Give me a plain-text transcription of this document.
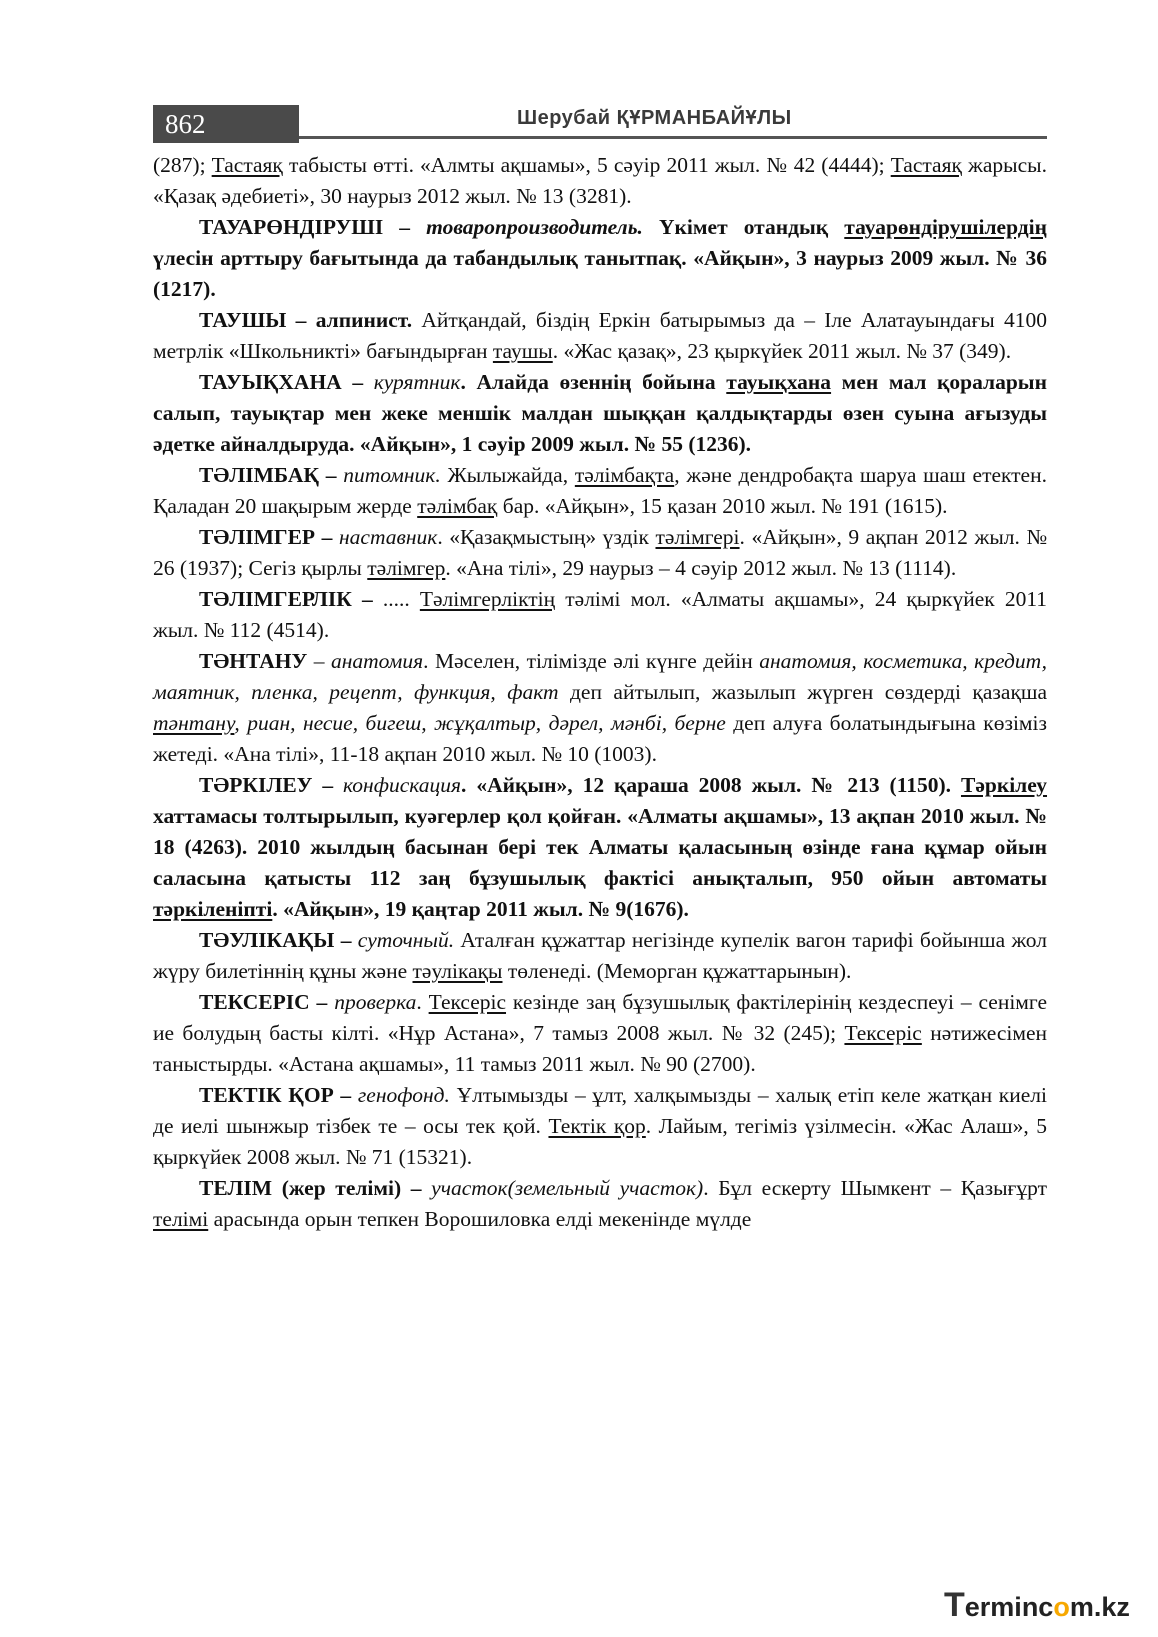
862	Шерубай ҚҰРМАНБАЙҰЛЫ

(287); Тастаяқ табысты өтті. «Алмты ақшамы», 5 сәуір 2011 жыл. № 42 (4444); Тастаяқ жарысы. «Қазақ әдебиеті», 30 наурыз 2012 жыл. № 13 (3281).

ТАУАРӨНДІРУШІ – товаропроизводитель. Үкімет отандық тауарөндірушілердің үлесін арттыру бағытында да табандылық танытпақ. «Айқын», 3 наурыз 2009 жыл. № 36 (1217).

ТАУШЫ – алпинист. Айтқандай, біздің Еркін батырымыз да – Іле Алатауындағы 4100 метрлік «Школьникті» бағындырған таушы. «Жас қазақ», 23 қыркүйек 2011 жыл. № 37 (349).

ТАУЫҚХАНА – курятник. Алайда өзеннің бойына тауықхана мен мал қораларын салып, тауықтар мен жеке меншік малдан шыққан қалдықтарды өзен суына ағызуды әдетке айналдыруда. «Айқын», 1 сәуір 2009 жыл. № 55 (1236).

ТӘЛІМБАҚ – питомник. Жылыжайда, тәлімбақта, және дендробақта шаруа шаш етектен. Қаладан 20 шақырым жерде тәлімбақ бар. «Айқын», 15 қазан 2010 жыл. № 191 (1615).

ТӘЛІМГЕР – наставник. «Қазақмыстың» үздік тәлімгері. «Айқын», 9 ақпан 2012 жыл. № 26 (1937); Сегіз қырлы тәлімгер. «Ана тілі», 29 наурыз – 4 сәуір 2012 жыл. № 13 (1114).

ТӘЛІМГЕРЛІК – ..... Тәлімгерліктің тәлімі мол. «Алматы ақшамы», 24 қыркүйек 2011 жыл. № 112 (4514).

ТӘНТАНУ – анатомия. Мәселен, тілімізде әлі күнге дейін анатомия, косметика, кредит, маятник, пленка, рецепт, функция, факт деп айтылып, жазылып жүрген сөздерді қазақша тәнтану, риан, несие, бигеш, жұқалтыр, дәрел, мәнбі, берне деп алуға болатындығына көзіміз жетеді. «Ана тілі», 11-18 ақпан 2010 жыл. № 10 (1003).

ТӘРКІЛЕУ – конфискация. «Айқын», 12 қараша 2008 жыл. № 213 (1150). Тәркілеу хаттамасы толтырылып, куәгерлер қол қойған. «Алматы ақшамы», 13 ақпан 2010 жыл. № 18 (4263). 2010 жылдың басынан бері тек Алматы қаласының өзінде ғана құмар ойын саласына қатысты 112 заң бұзушылық фактісі анықталып, 950 ойын автоматы тәркіленіпті. «Айқын», 19 қаңтар 2011 жыл. № 9(1676).

ТӘУЛІКАҚЫ – суточный. Аталған құжаттар негізінде купелік вагон тарифі бойынша жол жүру билетіннің құны және тәулікақы төленеді. (Меморган құжаттарынын).

ТЕКСЕРІС – проверка. Тексеріс кезінде заң бұзушылық фактілерінің кездеспеуі – сенімге ие болудың басты кілті. «Нұр Астана», 7 тамыз 2008 жыл. № 32 (245); Тексеріс нәтижесімен таныстырды. «Астана ақшамы», 11 тамыз 2011 жыл. № 90 (2700).

ТЕКТІК ҚОР – генофонд. Ұлтымызды – ұлт, халқымызды – халық етіп келе жатқан киелі де иелі шынжыр тізбек те – осы тек қой. Тектік қор. Лайым, тегіміз үзілмесін. «Жас Алаш», 5 қыркүйек 2008 жыл. № 71 (15321).

ТЕЛІМ (жер телімі) – участок(земельный участок). Бұл ескерту Шымкент – Қазығұрт телімі арасында орын тепкен Ворошиловка елді мекенінде мүлде

Termincom.kz
